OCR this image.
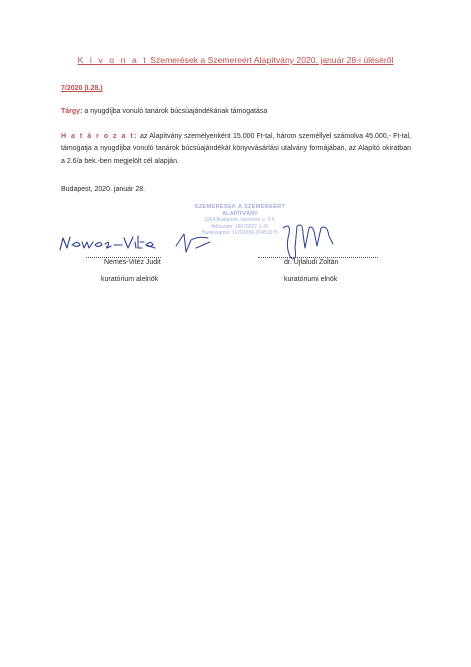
K i v o n a t Szemerések a Szemereért Alapítvány 2020. január 28-i üléséről
7/2020 (I.28.)
Tárgy: a nyugdíjba vonuló tanárok búcsúajándékának támogatása
H a t á r o z a t: az Alapítvány személyenként 15.000 Ft-tal, három személlyel számolva 45.000,- Ft-tal, támogatja a nyugdíjba vonuló tanárok búcsúajándékát könyvvásárlási utalvány formájában, az Alapító okiratban a 2.6/a bek.-ben megjelölt cél alapján.
Budapest, 2020. január 28.
SZEMERÉSEK A SZEMEREÉRT
ALAPÍTVÁNY
1064 Budapest, Szemere u. 3-5.
Adószám: 18678027-1-41
Bankszámla: 11702036-20451575
Nemes-Vitéz Judit
kuratórium alelnök
dr. Újfaludi Zoltán
kuratóriumi elnök
